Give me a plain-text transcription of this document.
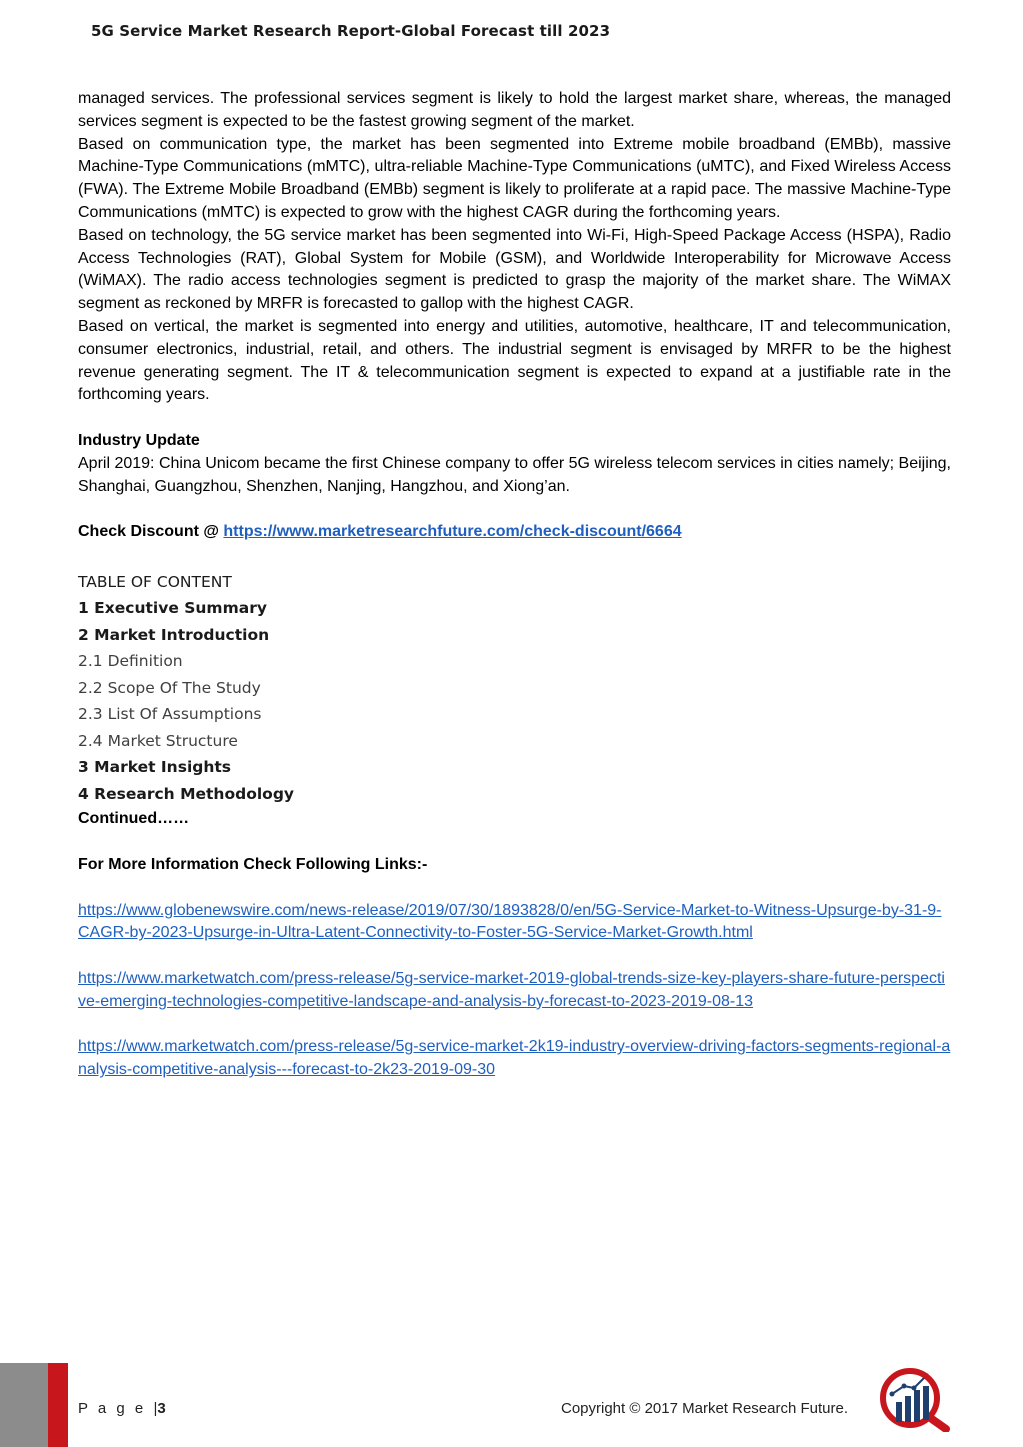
5G Service Market Research Report-Global Forecast till 2023

managed services. The professional services segment is likely to hold the largest market share, whereas, the managed services segment is expected to be the fastest growing segment of the market.

Based on communication type, the market has been segmented into Extreme mobile broadband (EMBb), massive Machine-Type Communications (mMTC), ultra-reliable Machine-Type Communications (uMTC), and Fixed Wireless Access (FWA). The Extreme Mobile Broadband (EMBb) segment is likely to proliferate at a rapid pace. The massive Machine-Type Communications (mMTC) is expected to grow with the highest CAGR during the forthcoming years.

Based on technology, the 5G service market has been segmented into Wi-Fi, High-Speed Package Access (HSPA), Radio Access Technologies (RAT), Global System for Mobile (GSM), and Worldwide Interoperability for Microwave Access (WiMAX). The radio access technologies segment is predicted to grasp the majority of the market share. The WiMAX segment as reckoned by MRFR is forecasted to gallop with the highest CAGR.

Based on vertical, the market is segmented into energy and utilities, automotive, healthcare, IT and telecommunication, consumer electronics, industrial, retail, and others. The industrial segment is envisaged by MRFR to be the highest revenue generating segment. The IT & telecommunication segment is expected to expand at a justifiable rate in the forthcoming years.

Industry Update

April 2019: China Unicom became the first Chinese company to offer 5G wireless telecom services in cities namely; Beijing, Shanghai, Guangzhou, Shenzhen, Nanjing, Hangzhou, and Xiong’an.

Check Discount @ https://www.marketresearchfuture.com/check-discount/6664

TABLE OF CONTENT
1 Executive Summary
2 Market Introduction
2.1 Definition
2.2 Scope Of The Study
2.3 List Of Assumptions
2.4 Market Structure
3 Market Insights
4 Research Methodology

Continued……

For More Information Check Following Links:-

https://www.globenewswire.com/news-release/2019/07/30/1893828/0/en/5G-Service-Market-to-Witness-Upsurge-by-31-9-CAGR-by-2023-Upsurge-in-Ultra-Latent-Connectivity-to-Foster-5G-Service-Market-Growth.html

https://www.marketwatch.com/press-release/5g-service-market-2019-global-trends-size-key-players-share-future-perspective-emerging-technologies-competitive-landscape-and-analysis-by-forecast-to-2023-2019-08-13

https://www.marketwatch.com/press-release/5g-service-market-2k19-industry-overview-driving-factors-segments-regional-analysis-competitive-analysis---forecast-to-2k23-2019-09-30

P a g e |3	Copyright © 2017 Market Research Future.
